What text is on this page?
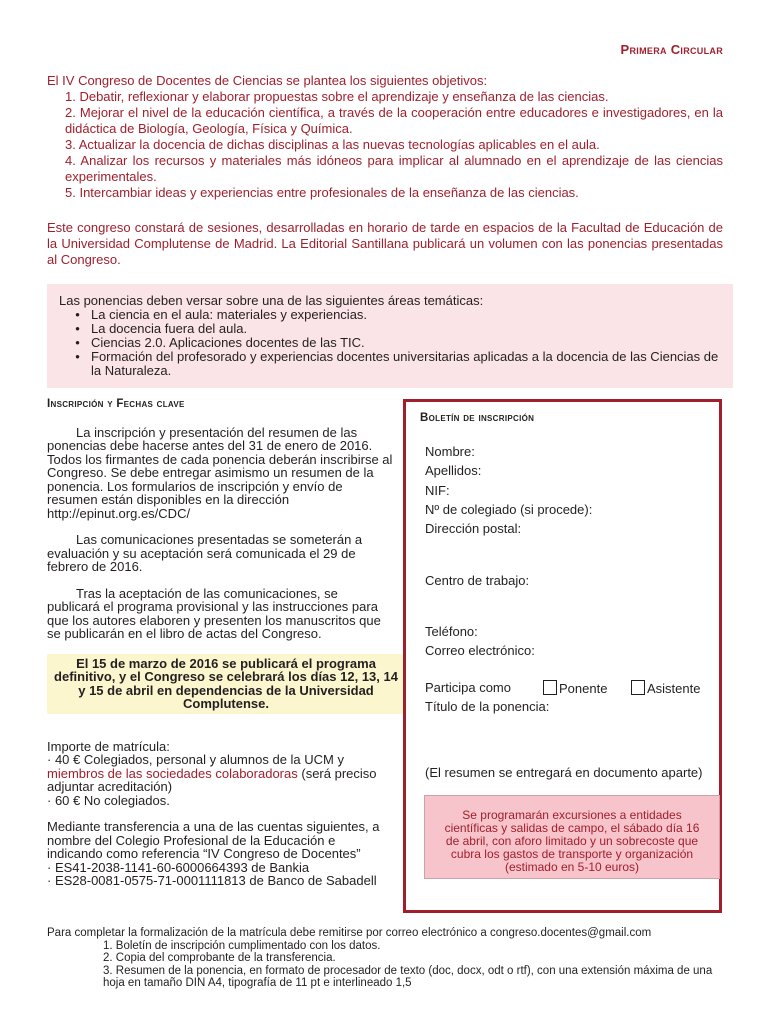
Primera Circular

El IV Congreso de Docentes de Ciencias se plantea los siguientes objetivos:

1. Debatir, reflexionar y elaborar propuestas sobre el aprendizaje y enseñanza de las ciencias.
2. Mejorar el nivel de la educación científica, a través de la cooperación entre educadores e investigadores, en la didáctica de Biología, Geología, Física y Química.
3. Actualizar la docencia de dichas disciplinas a las nuevas tecnologías aplicables en el aula.
4. Analizar los recursos y materiales más idóneos para implicar al alumnado en el aprendizaje de las ciencias experimentales.
5. Intercambiar ideas y experiencias entre profesionales de la enseñanza de las ciencias.
Este congreso constará de sesiones, desarrolladas en horario de tarde en espacios de la Facultad de Educación de la Universidad Complutense de Madrid. La Editorial Santillana publicará un volumen con las ponencias presentadas al Congreso.
Las ponencias deben versar sobre una de las siguientes áreas temáticas:
• La ciencia en el aula: materiales y experiencias.
• La docencia fuera del aula.
• Ciencias 2.0. Aplicaciones docentes de las TIC.
• Formación del profesorado y experiencias docentes universitarias aplicadas a la docencia de las Ciencias de la Naturaleza.
Inscripción y Fechas clave

La inscripción y presentación del resumen de las ponencias debe hacerse antes del 31 de enero de 2016. Todos los firmantes de cada ponencia deberán inscribirse al Congreso. Se debe entregar asimismo un resumen de la ponencia. Los formularios de inscripción y envío de resumen están disponibles en la dirección http://epinut.org.es/CDC/

Las comunicaciones presentadas se someterán a evaluación y su aceptación será comunicada el 29 de febrero de 2016.

Tras la aceptación de las comunicaciones, se publicará el programa provisional y las instrucciones para que los autores elaboren y presenten los manuscritos que se publicarán en el libro de actas del Congreso.

El 15 de marzo de 2016 se publicará el programa definitivo, y el Congreso se celebrará los días 12, 13, 14 y 15 de abril en dependencias de la Universidad Complutense.

Importe de matrícula:

· 40 € Colegiados, personal y alumnos de la UCM y miembros de las sociedades colaboradoras (será preciso adjuntar acreditación)

· 60 € No colegiados.

Mediante transferencia a una de las cuentas siguientes, a nombre del Colegio Profesional de la Educación e indicando como referencia “IV Congreso de Docentes”

· ES41-2038-1141-60-6000664393 de Bankia

· ES28-0081-0575-71-0001111813 de Banco de Sabadell

Boletín de inscripción
Nombre:
Apellidos:
NIF:
Nº de colegiado (si procede):
Dirección postal:
Centro de trabajo:
Teléfono:
Correo electrónico:
Participa como	Ponente	Asistente
Título de la ponencia:
(El resumen se entregará en documento aparte)
Se programarán excursiones a entidades científicas y salidas de campo, el sábado día 16 de abril, con aforo limitado y un sobrecoste que cubra los gastos de transporte y organización (estimado en 5-10 euros)
Para completar la formalización de la matrícula debe remitirse por correo electrónico a congreso.docentes@gmail.com
1. Boletín de inscripción cumplimentado con los datos.
2. Copia del comprobante de la transferencia.
3. Resumen de la ponencia, en formato de procesador de texto (doc, docx, odt o rtf), con una extensión máxima de una hoja en tamaño DIN A4, tipografía de 11 pt e interlineado 1,5
